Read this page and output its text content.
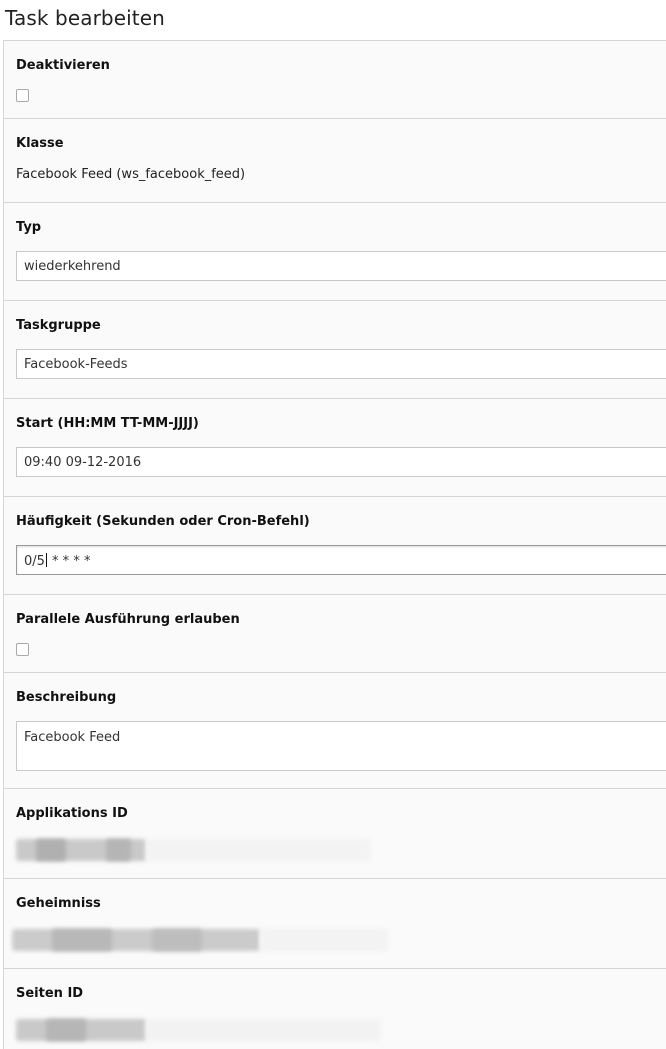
Task bearbeiten
Deaktivieren
Klasse
Facebook Feed (ws_facebook_feed)
Typ
wiederkehrend
Taskgruppe
Facebook-Feeds
Start (HH:MM TT-MM-JJJJ)
09:40 09-12-2016
Häufigkeit (Sekunden oder Cron-Befehl)
0/5 * * * *
Parallele Ausführung erlauben
Beschreibung
Facebook Feed
Applikations ID
Geheimniss
Seiten ID
